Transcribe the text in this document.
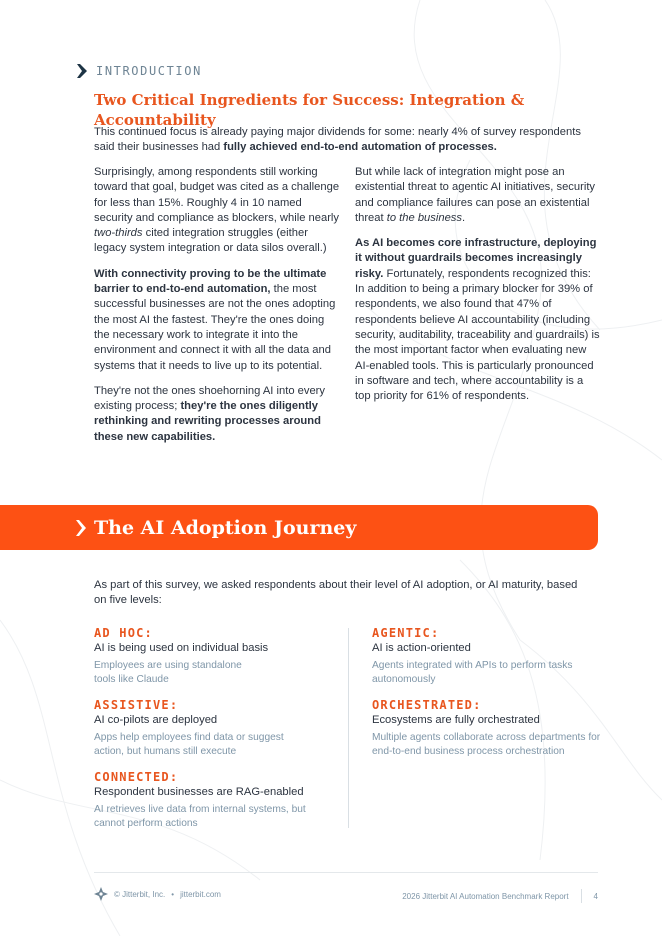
INTRODUCTION
Two Critical Ingredients for Success: Integration & Accountability

This continued focus is already paying major dividends for some: nearly 4% of survey respondents said their businesses had fully achieved end-to-end automation of processes.

Surprisingly, among respondents still working toward that goal, budget was cited as a challenge for less than 15%. Roughly 4 in 10 named security and compliance as blockers, while nearly two-thirds cited integration struggles (either legacy system integration or data silos overall.)

With connectivity proving to be the ultimate barrier to end-to-end automation, the most successful businesses are not the ones adopting the most AI the fastest. They're the ones doing the necessary work to integrate it into the environment and connect it with all the data and systems that it needs to live up to its potential.

They're not the ones shoehorning AI into every existing process; they're the ones diligently rethinking and rewriting processes around these new capabilities.

But while lack of integration might pose an existential threat to agentic AI initiatives, security and compliance failures can pose an existential threat to the business.

As AI becomes core infrastructure, deploying it without guardrails becomes increasingly risky. Fortunately, respondents recognized this: In addition to being a primary blocker for 39% of respondents, we also found that 47% of respondents believe AI accountability (including security, auditability, traceability and guardrails) is the most important factor when evaluating new AI-enabled tools. This is particularly pronounced in software and tech, where accountability is a top priority for 61% of respondents.

The AI Adoption Journey

As part of this survey, we asked respondents about their level of AI adoption, or AI maturity, based on five levels:

AD HOC:
AI is being used on individual basis
Employees are using standalone tools like Claude
ASSISTIVE:
AI co-pilots are deployed
Apps help employees find data or suggest action, but humans still execute
CONNECTED:
Respondent businesses are RAG-enabled
AI retrieves live data from internal systems, but cannot perform actions
AGENTIC:
AI is action-oriented
Agents integrated with APIs to perform tasks autonomously
ORCHESTRATED:
Ecosystems are fully orchestrated
Multiple agents collaborate across departments for end-to-end business process orchestration
© Jitterbit, Inc. • jitterbit.com	2026 Jitterbit AI Automation Benchmark Report	4
